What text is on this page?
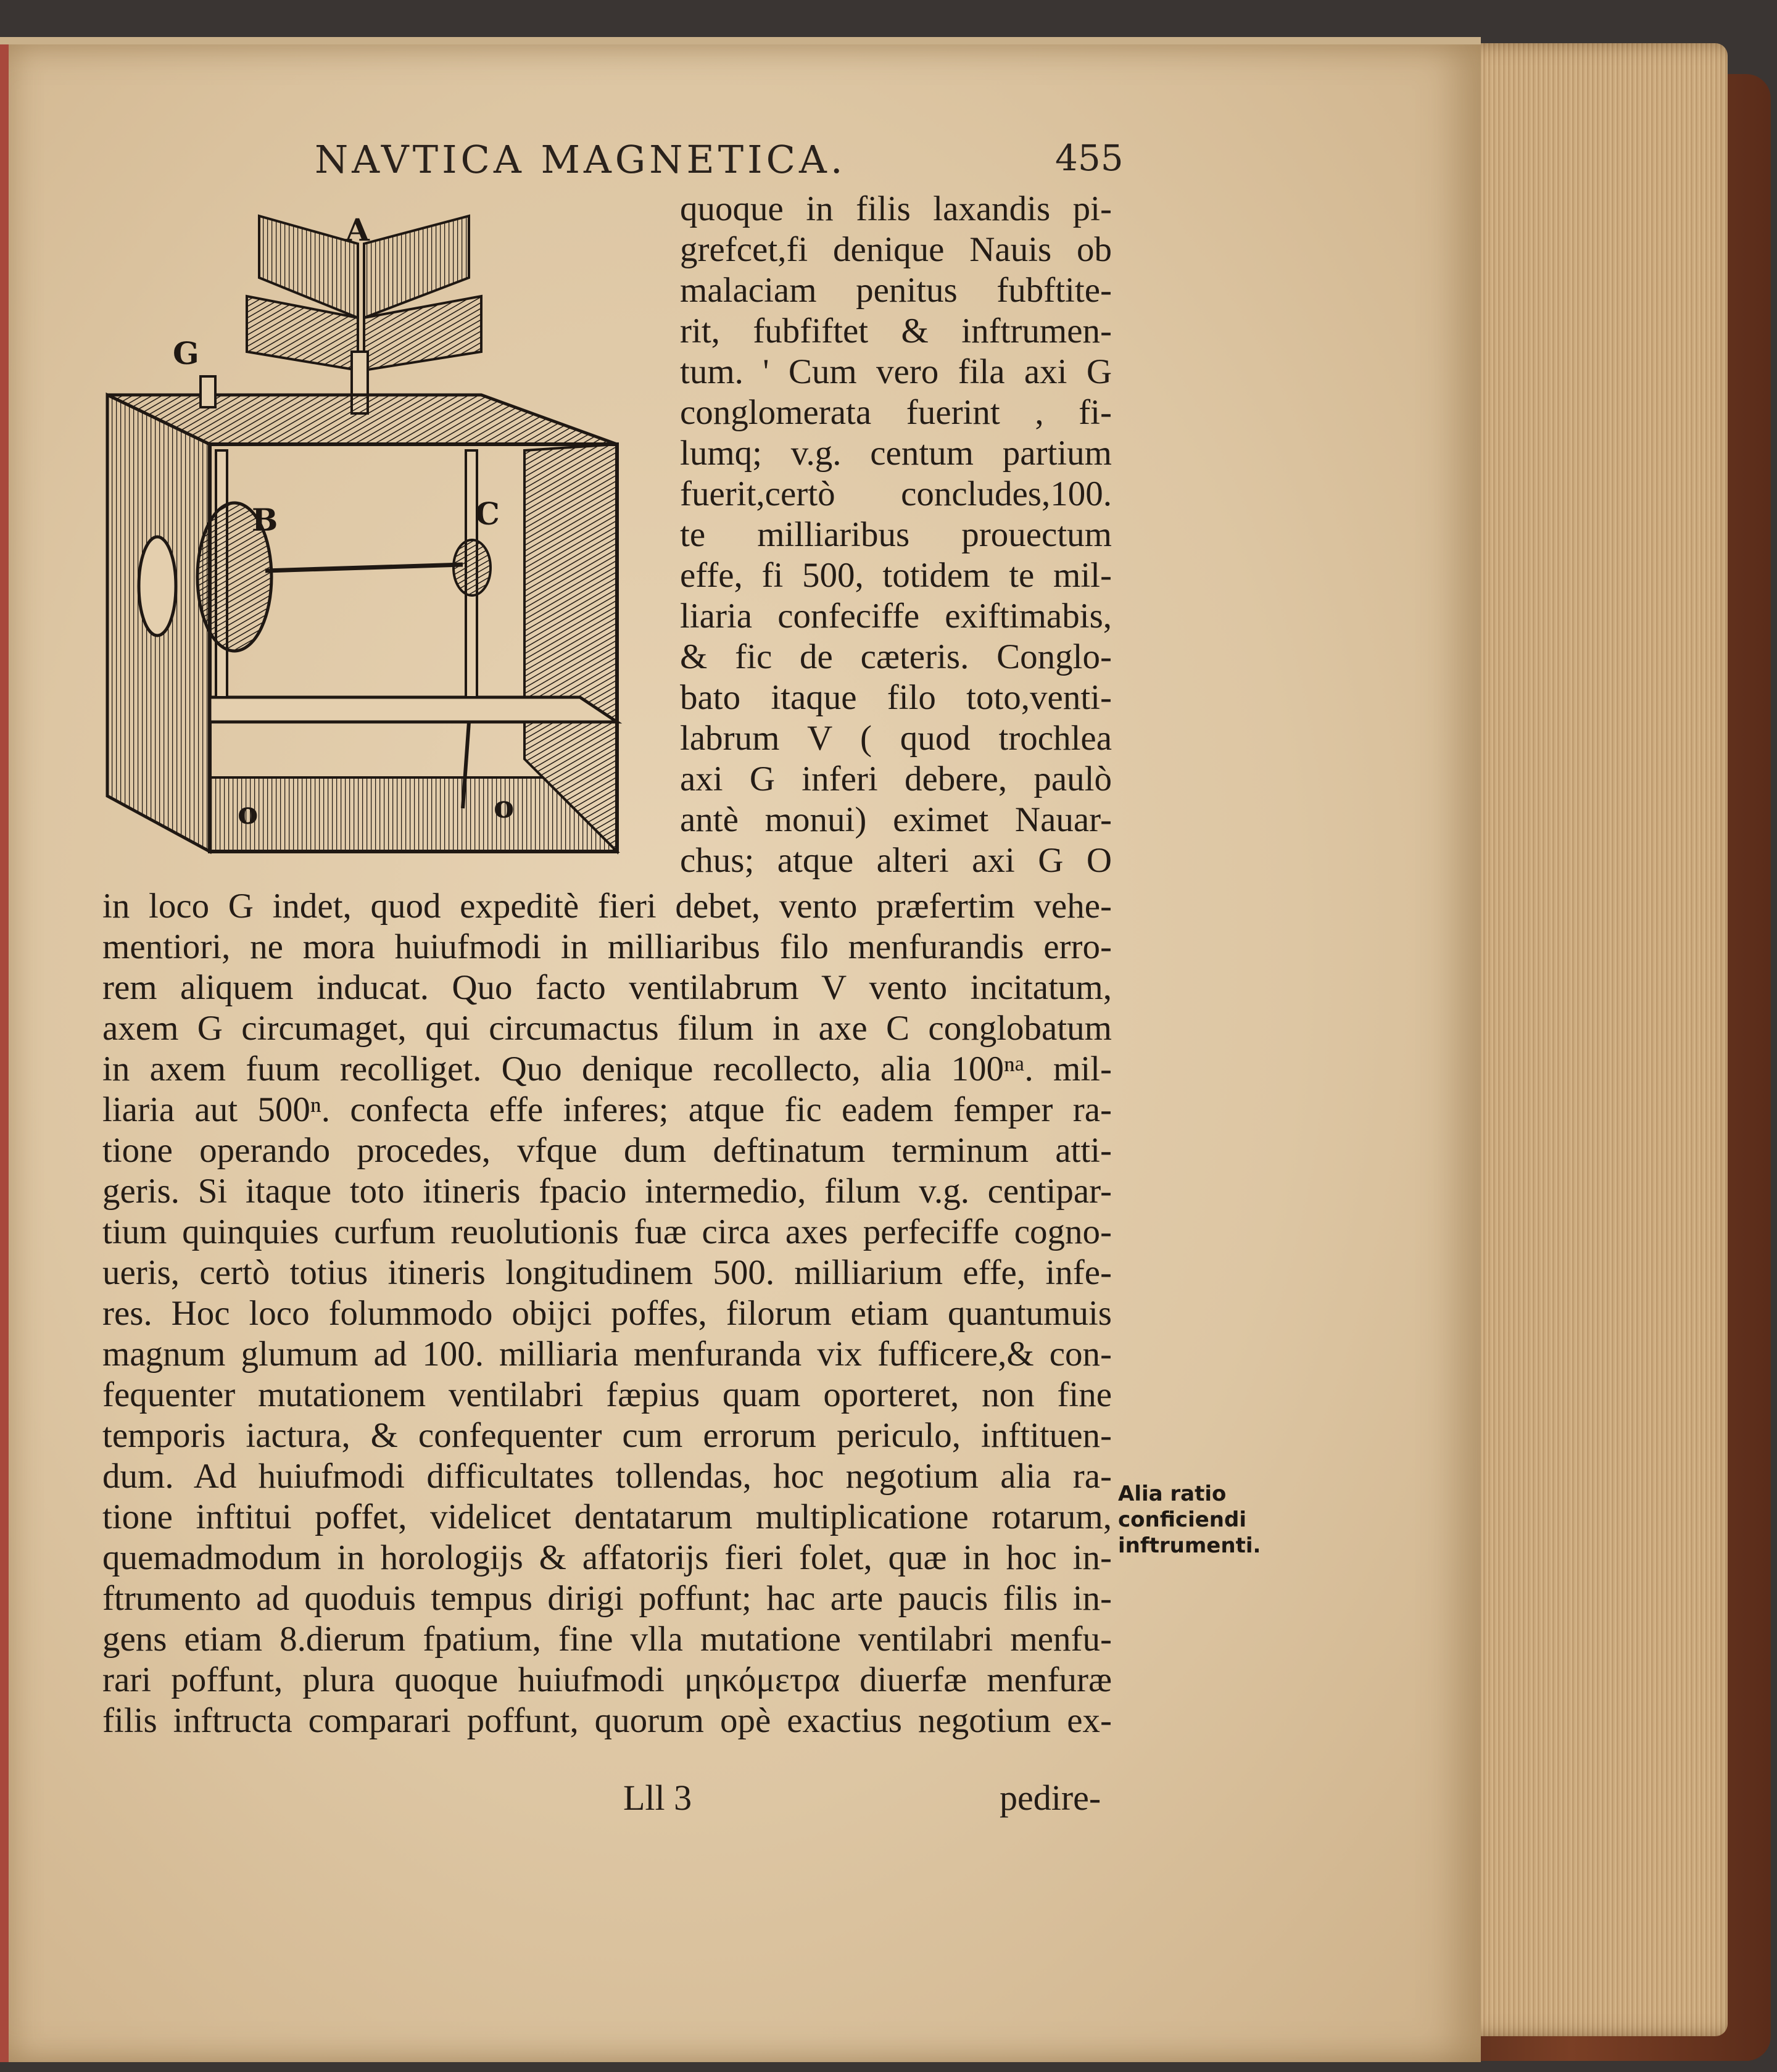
NAVTICA MAGNETICA.	455
A
B	C
G
o	o
quoque in filis laxandis pi-
grefcet,fi denique Nauis ob
malaciam penitus fubftite-
rit, fubfiftet & inftrumen-
tum. ' Cum vero fila axi G
conglomerata fuerint , fi-
lumq; v.g. centum partium
fuerit,certò concludes,100.
te milliaribus prouectum
effe, fi 500, totidem te mil-
liaria confeciffe exiftimabis,
& fic de cæteris. Conglo-
bato itaque filo toto,venti-
labrum V ( quod trochlea
axi G inferi debere, paulò
antè monui) eximet Nauar-
chus; atque alteri axi G O
in loco G indet, quod expeditè fieri debet, vento præfertim vehe-
mentiori, ne mora huiufmodi in milliaribus filo menfurandis erro-
rem aliquem inducat. Quo facto ventilabrum V vento incitatum,
axem G circumaget, qui circumactus filum in axe C conglobatum
in axem fuum recolliget. Quo denique recollecto, alia 100ⁿᵃ. mil-
liaria aut 500ⁿ. confecta effe inferes; atque fic eadem femper ra-
tione operando procedes, vfque dum deftinatum terminum atti-
geris. Si itaque toto itineris fpacio intermedio, filum v.g. centipar-
tium quinquies curfum reuolutionis fuæ circa axes perfeciffe cogno-
ueris, certò totius itineris longitudinem 500. milliarium effe, infe-
res. Hoc loco folummodo obijci poffes, filorum etiam quantumuis
magnum glumum ad 100. milliaria menfuranda vix fufficere,& con-
fequenter mutationem ventilabri fæpius quam oporteret, non fine
temporis iactura, & confequenter cum errorum periculo, inftituen-
dum. Ad huiufmodi difficultates tollendas, hoc negotium alia ra-
tione inftitui poffet, videlicet dentatarum multiplicatione rotarum,
quemadmodum in horologijs & affatorijs fieri folet, quæ in hoc in-
ftrumento ad quoduis tempus dirigi poffunt; hac arte paucis filis in-
gens etiam 8.dierum fpatium, fine vlla mutatione ventilabri menfu-
rari poffunt, plura quoque huiufmodi μηκόμετρα diuerfæ menfuræ
filis inftructa comparari poffunt, quorum opè exactius negotium ex-
Alia ratio
conficiendi
inftrumenti.
Lll 3	pedire-
